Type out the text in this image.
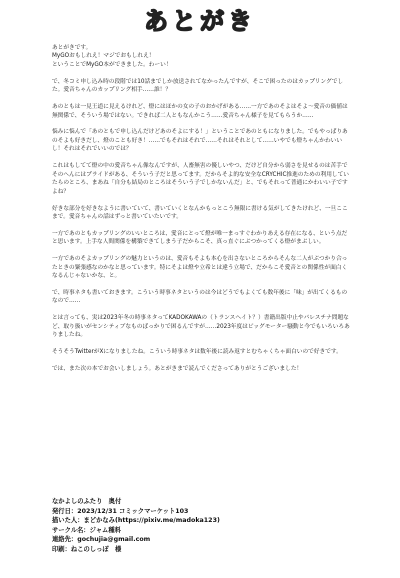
あとがき

あとがきです。

MyGOおもしれえ！マジでおもしれえ！

ということでMyGO本ができました。わーい！

で、冬コミ申し込み時の段階では10話までしか放送されてなかったんですが、そこで困ったのはカップリングでした。愛音ちゃんのカップリング相手……誰！？

あのともは一見王道に見えるけれど、燈にはほかの女の子のおかげがある……一方であのそよはそよ〜愛音の価値は無関係で、そういう場ではない。できれば二人ともなんかこう……愛音ちゃん様子を見てもらうか……

悩みに悩んで「あのともで申し込んだけどあのそよにする！」ということであのともになりました。でもやっぱりあのそよも好きだし、燈のことも好き！……でもそれはそれで……それはそれとして……いやでも燈ちゃんかわいいし！それはそれでいいのでは？

これはもしてて燈の中の愛音ちゃん像なんですが、人畜無害の優しいやつ、だけど自分から弱さを見せるのは苦手でそのへんにはプライドがある、そういう子だと思ってます。だからそよ的な安全なCRYCHIC推進のための利用していたらのところ、まあね「自分も結局のところはそういう子でしかないんだ」と、でもそれって普通にかわいい子ですよね？

好きな部分を好きなように書いていて、書いていくとなんかもっとこう無限に書ける気がしてきたけれど、一旦ここまで。愛音ちゃんの話はずっと書いていたいです。

一方であのともカップリングのいいところは、愛音にとって燈が唯一まっすぐわかりあえる存在になる、という点だと思います。上手な人間関係を構築できてしまう子だからこそ、真っ直ぐにぶつかってくる燈がまぶしい。

一方であのそよカップリングの魅力というのは、愛音もそよも本心を出さないところからそんな二人がぶつかり合ったときの緊張感なのかなと思っています。特にそよは燈や立希とは違う立場で、だからこそ愛音との関係性が面白くなるんじゃないかな、と。

で、時事ネタも書いておきます。こういう時事ネタというのは今はどうでもよくても数年後に「味」が出てくるものなので……

とは言っても、実は2023年冬の時事ネタってKADOKAWAの（トランスヘイト？）書籍出版中止やパレスチナ問題など、取り扱いがセンシティブなものばっかりで困るんですが……2023年度はビッグモーター騒動と今でもいろいろありましたね。

そうそうTwitterがXになりましたね。こういう時事ネタは数年後に読み返すとむちゃくちゃ面白いので好きです。

では、また次の本でお会いしましょう。あとがきまで読んでくださってありがとうございました！

なかよしのふたり　奥付
発行日：2023/12/31 コミックマーケット103
描いた人：まどかなみ(https://pixiv.me/madoka123)
サークル名：ジャム種料
連絡先：gochujia@gmail.com
印刷：ねこのしっぽ　様
